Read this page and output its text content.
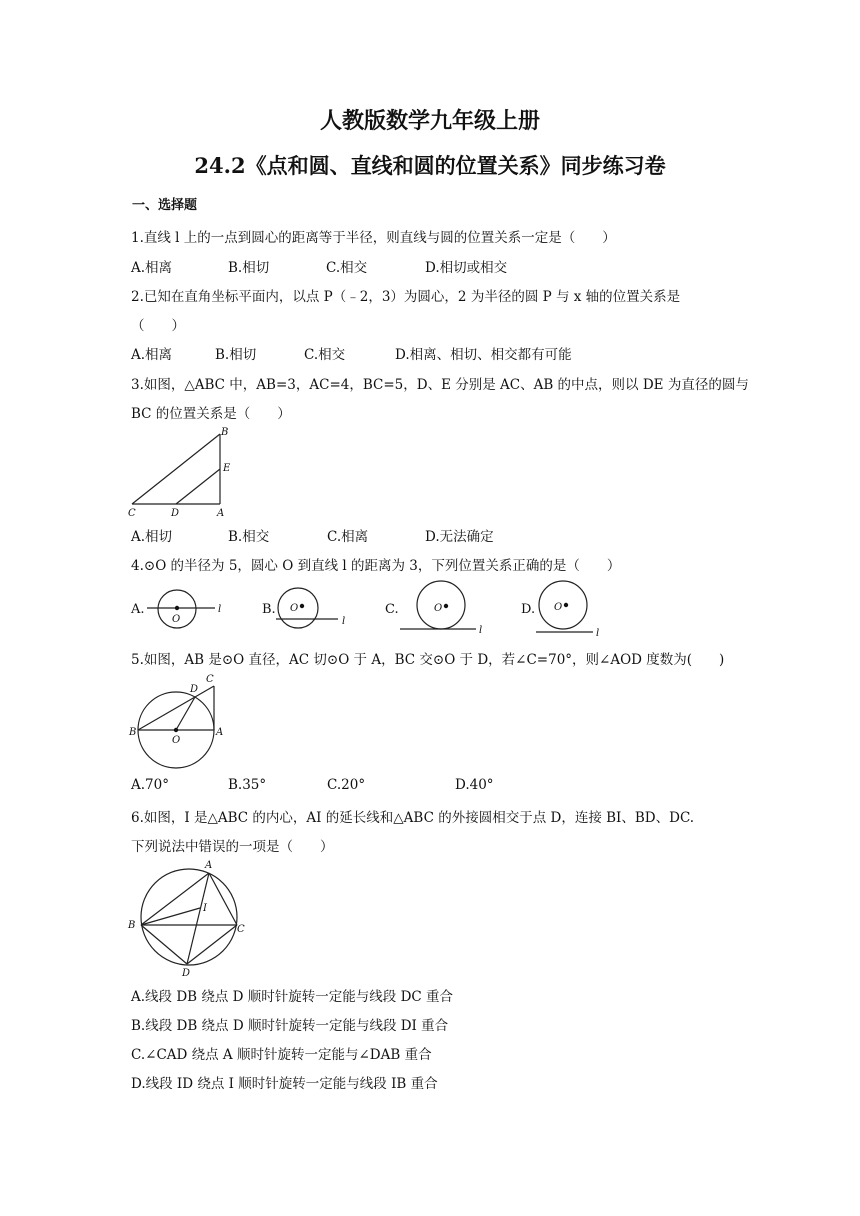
人教版数学九年级上册
24.2《点和圆、直线和圆的位置关系》同步练习卷
一、选择题
1.直线 l 上的一点到圆心的距离等于半径，则直线与圆的位置关系一定是（　　）
A.相离	B.相切	C.相交	D.相切或相交
2.已知在直角坐标平面内，以点 P（﹣2，3）为圆心，2 为半径的圆 P 与 x 轴的位置关系是
（　　）
A.相离	B.相切	C.相交	D.相离、相切、相交都有可能
3.如图，△ABC 中，AB=3，AC=4，BC=5，D、E 分别是 AC、AB 的中点，则以 DE 为直径的圆与
BC 的位置关系是（　　）
B
E
C	D	A
A.相切	B.相交	C.相离	D.无法确定
4.⊙O 的半径为 5，圆心 O 到直线 l 的距离为 3，下列位置关系正确的是（　　）
A.
O
l	B. O
l
C.	O
l
D. O
l
5.如图，AB 是⊙O 直径，AC 切⊙O 于 A，BC 交⊙O 于 D，若∠C=70°，则∠AOD 度数为(　　)
C
D
B
O
A
A.70°	B.35°	C.20°	D.40°
6.如图，I 是△ABC 的内心，AI 的延长线和△ABC 的外接圆相交于点 D，连接 BI、BD、DC.
下列说法中错误的一项是（　　）
A
I
B	C
D
A.线段 DB 绕点 D 顺时针旋转一定能与线段 DC 重合
B.线段 DB 绕点 D 顺时针旋转一定能与线段 DI 重合
C.∠CAD 绕点 A 顺时针旋转一定能与∠DAB 重合
D.线段 ID 绕点 I 顺时针旋转一定能与线段 IB 重合
